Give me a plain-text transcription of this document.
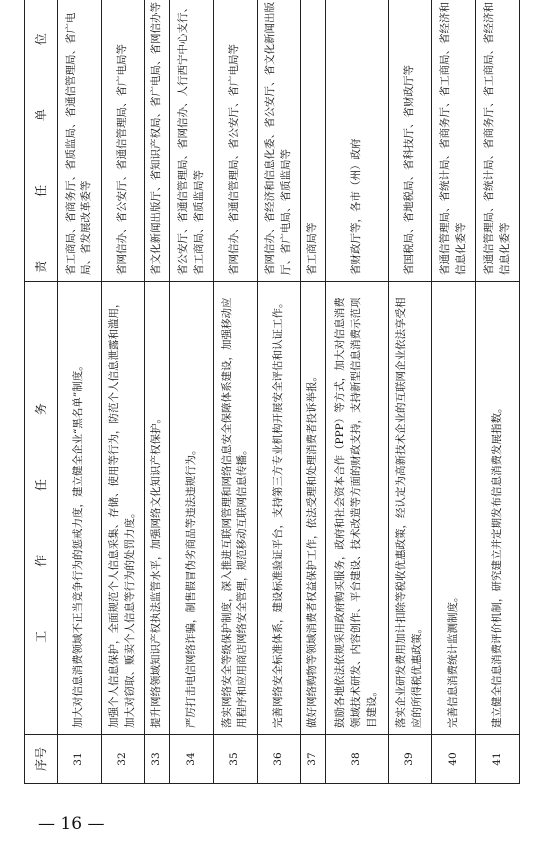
序号	工 作 任 务	责 任 单 位
31	加大对信息消费领域不正当竞争行为的惩戒力度，建立健全企业“黑名单”制度。	省工商局、省商务厅、省质监局、省通信管理局、省广电局、省发展改革委等
32	加强个人信息保护，全面规范个人信息采集、存储、使用等行为，防范个人信息泄露和滥用，加大对窃取、贩卖个人信息等行为的处罚力度。	省网信办、省公安厅、省通信管理局、省广电局等
33	提升网络领域知识产权执法监管水平，加强网络文化知识产权保护。	省文化新闻出版厅、省知识产权局、省广电局、省网信办等
34	严厉打击电信网络诈骗，制售假冒伪劣商品等违法违规行为。	省公安厅、省通信管理局、省网信办、人行西宁中心支行、省工商局、省质监局等
35	落实网络安全等级保护制度，深入推进互联网管理和网络信息安全保障体系建设，加强移动应用程序和应用商店网络安全管理，规范移动互联网信息传播。	省网信办、省通信管理局、省公安厅、省广电局等
36	完善网络安全标准体系，建设标准验证平台，支持第三方专业机构开展安全评估和认证工作。	省网信办、省经济和信息化委、省公安厅、省文化新闻出版厅、省广电局、省质监局等
37	做好网络购物等领域消费者权益保护工作，依法受理和处理消费者投诉举报。	省工商局等
38	鼓励各地依法依规采用政府购买服务，政府和社会资本合作（PPP）等方式，加大对信息消费领域技术研发、内容创作、平台建设、技术改造等方面的财政支持，支持新型信息消费示范项目建设。	省财政厅等，各市（州）政府
39	落实企业研发费用加计扣除等税收优惠政策，经认定为高新技术企业的互联网企业依法享受相应的所得税优惠政策。	省国税局、省地税局、省科技厅、省财政厅等
40	完善信息消费统计监测制度。	省通信管理局、省统计局、省商务厅、省工商局、省经济和信息化委等
41	建立健全信息消费评价机制，研究建立并定期发布信息消费发展指数。	省通信管理局、省统计局、省商务厅、省工商局、省经济和信息化委等
— 16 —
